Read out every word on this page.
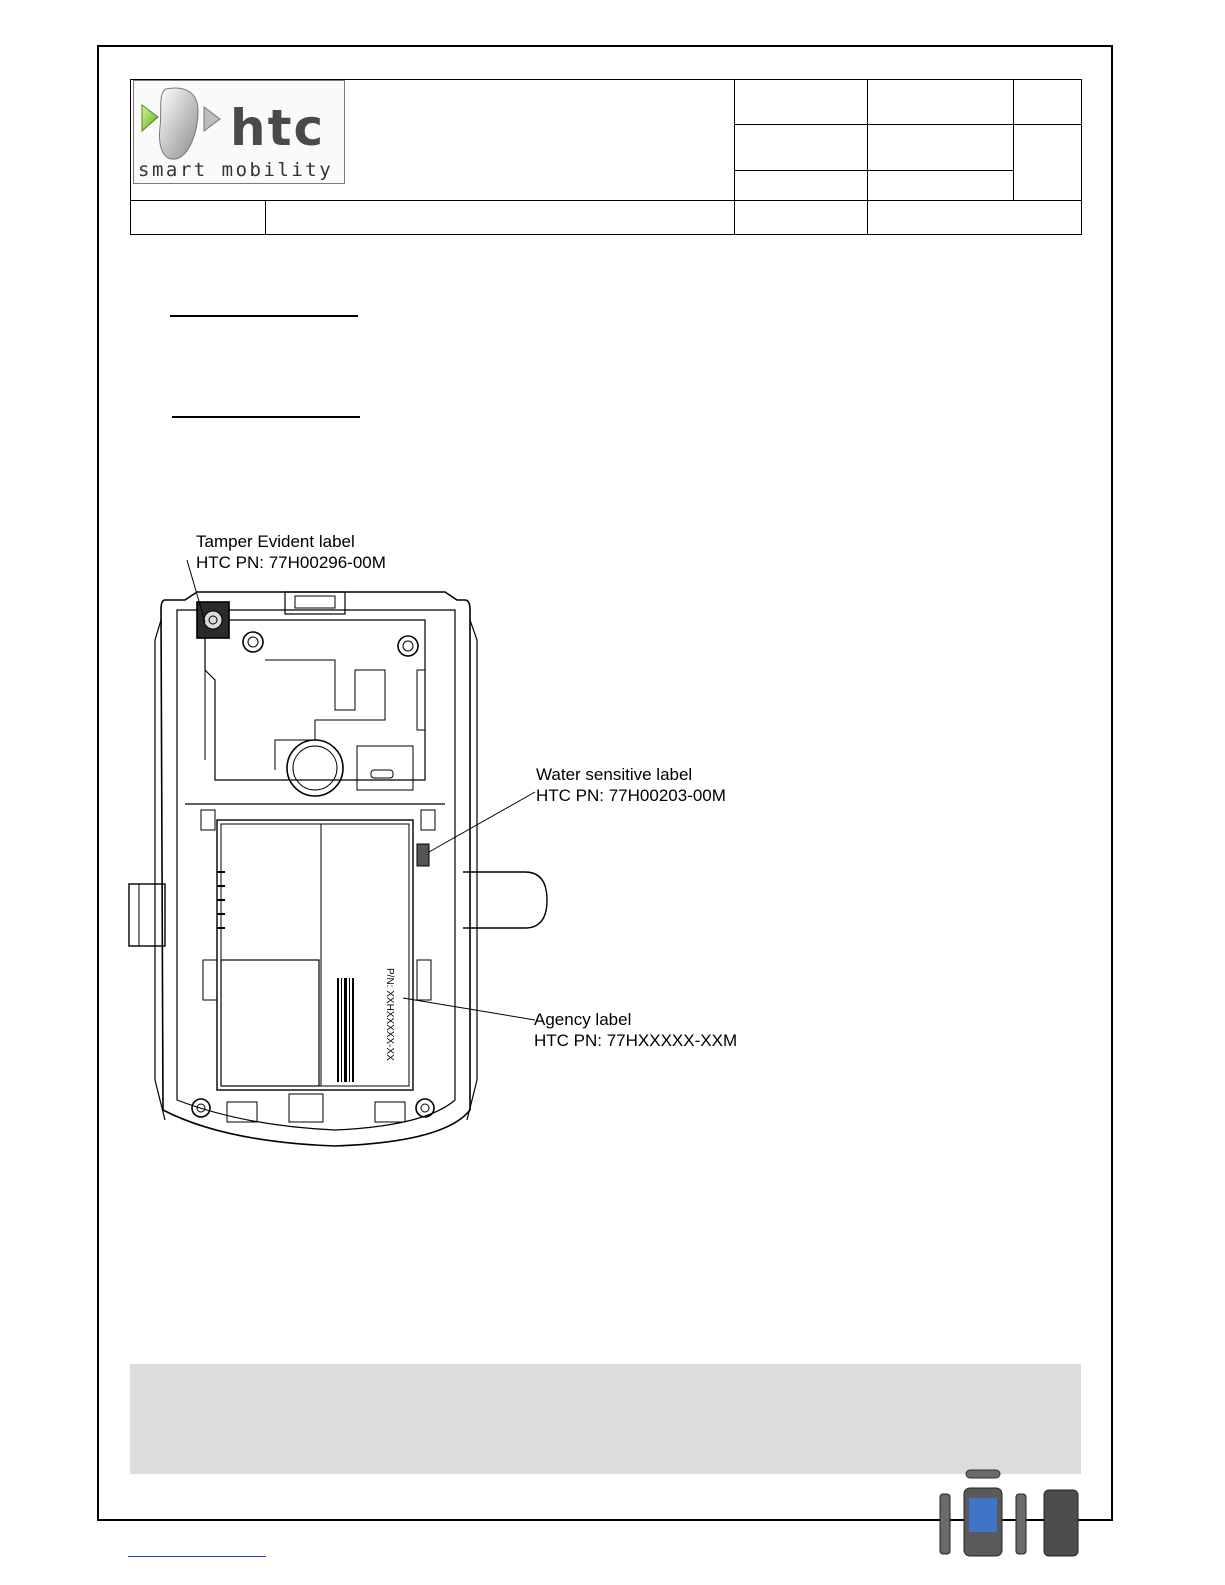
htc
smart mobility				

P/N: XXHXXXXX-XX
Tamper Evident label
HTC PN: 77H00296-00M
Water sensitive label
HTC PN: 77H00203-00M
Agency label
HTC PN: 77HXXXXX-XXM
